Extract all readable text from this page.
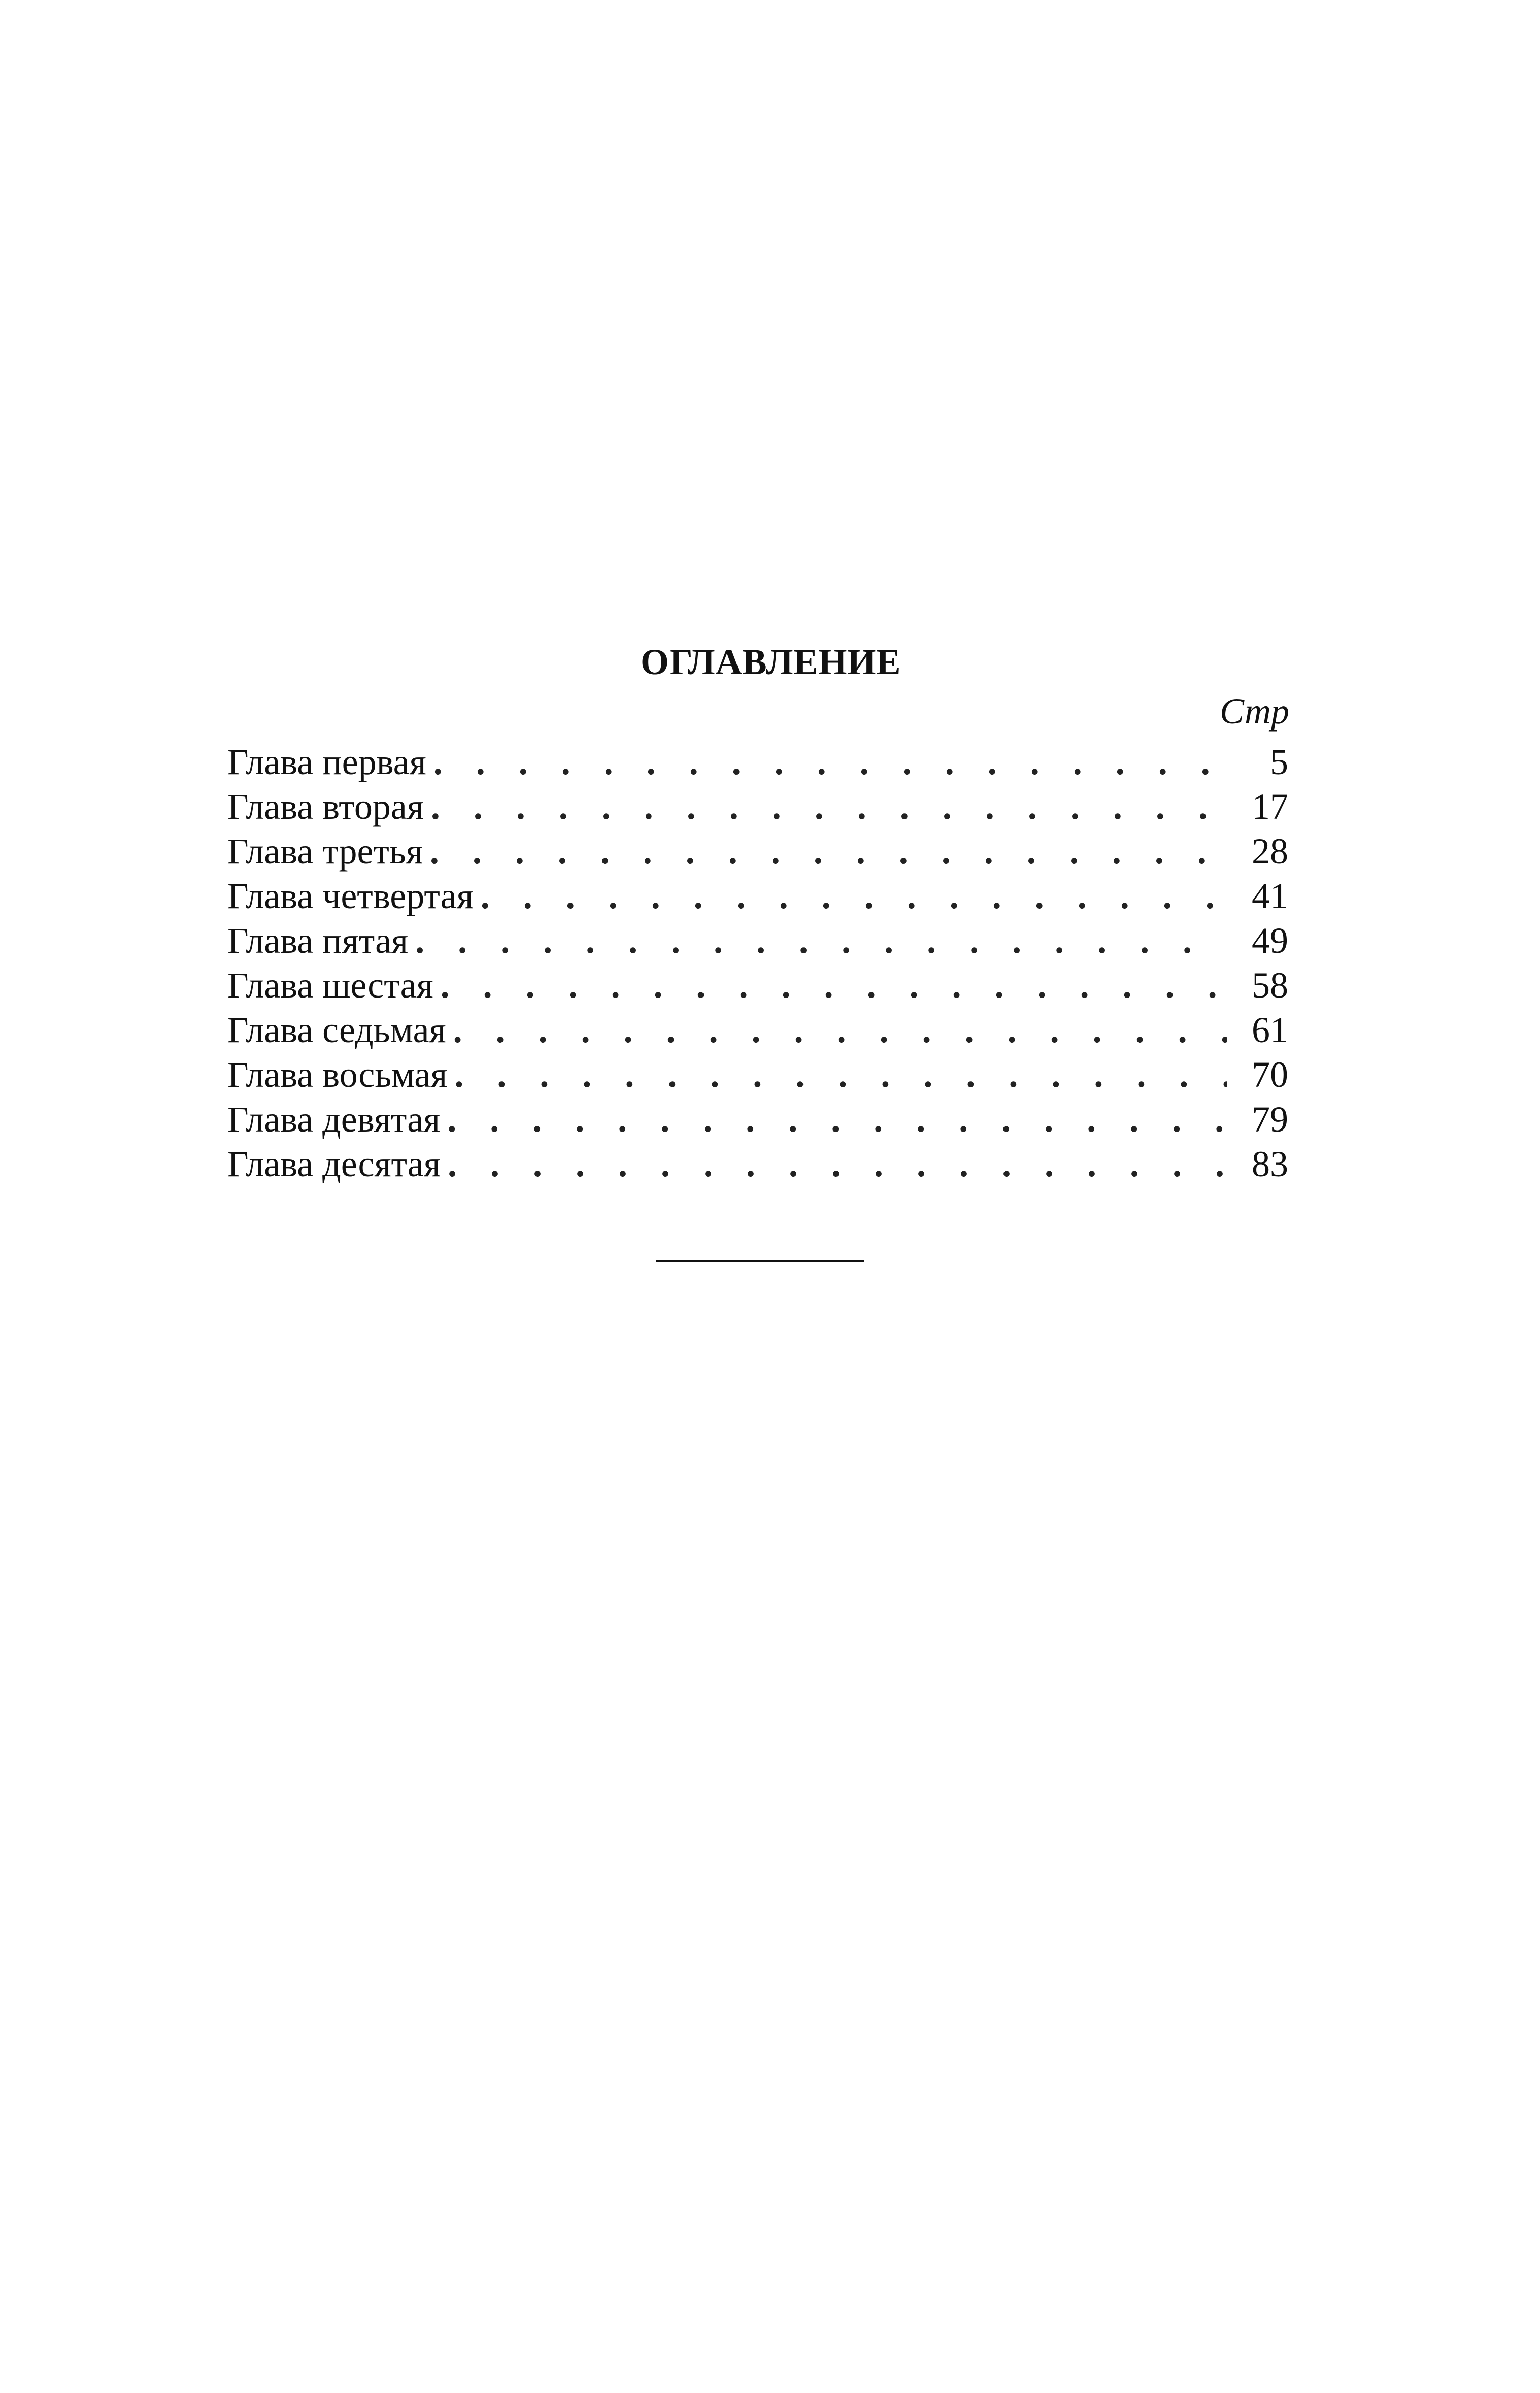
ОГЛАВЛЕНИЕ
Стр
Глава первая . . .	5
Глава вторая . . .	17
Глава третья . . .	28
Глава четвертая . . .	41
Глава пятая . . .	49
Глава шестая . . .	58
Глава седьмая . . .	61
Глава восьмая . . .	70
Глава девятая . . .	79
Глава десятая . . .	83
